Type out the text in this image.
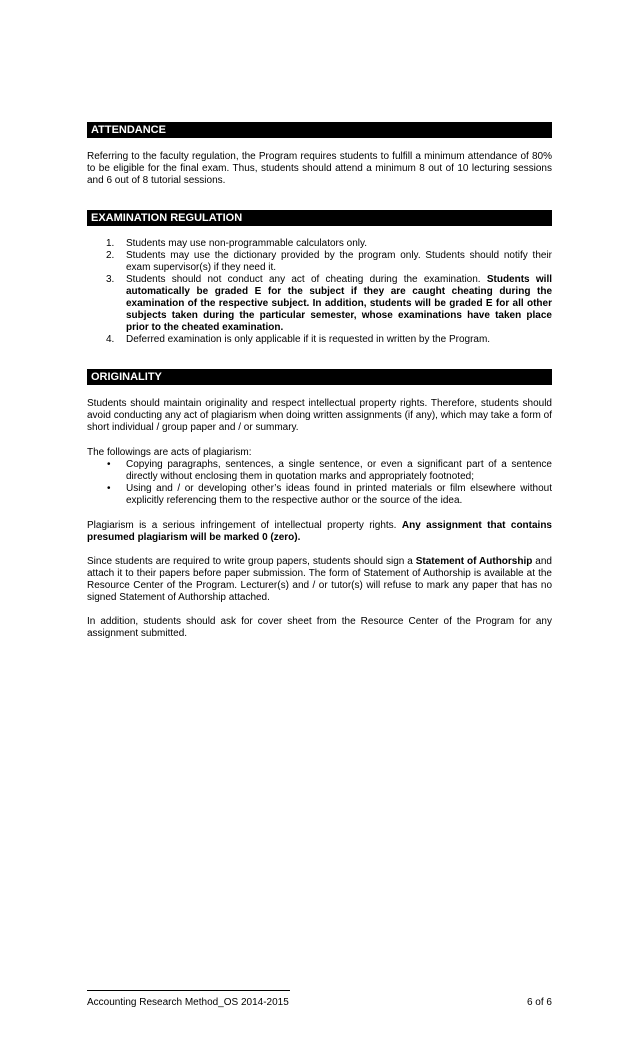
ATTENDANCE

Referring to the faculty regulation, the Program requires students to fulfill a minimum attendance of 80% to be eligible for the final exam. Thus, students should attend a minimum 8 out of 10 lecturing sessions and 6 out of 8 tutorial sessions.

EXAMINATION REGULATION
1. Students may use non-programmable calculators only.
2. Students may use the dictionary provided by the program only. Students should notify their exam supervisor(s) if they need it.
3. Students should not conduct any act of cheating during the examination. Students will automatically be graded E for the subject if they are caught cheating during the examination of the respective subject. In addition, students will be graded E for all other subjects taken during the particular semester, whose examinations have taken place prior to the cheated examination.
4. Deferred examination is only applicable if it is requested in written by the Program.
ORIGINALITY

Students should maintain originality and respect intellectual property rights. Therefore, students should avoid conducting any act of plagiarism when doing written assignments (if any), which may take a form of short individual / group paper and / or summary.

The followings are acts of plagiarism:

• Copying paragraphs, sentences, a single sentence, or even a significant part of a sentence directly without enclosing them in quotation marks and appropriately footnoted;
• Using and / or developing other’s ideas found in printed materials or film elsewhere without explicitly referencing them to the respective author or the source of the idea.

Plagiarism is a serious infringement of intellectual property rights. Any assignment that contains presumed plagiarism will be marked 0 (zero).

Since students are required to write group papers, students should sign a Statement of Authorship and attach it to their papers before paper submission. The form of Statement of Authorship is available at the Resource Center of the Program. Lecturer(s) and / or tutor(s) will refuse to mark any paper that has no signed Statement of Authorship attached.

In addition, students should ask for cover sheet from the Resource Center of the Program for any assignment submitted.

Accounting Research Method_OS 2014-2015	6 of 6
